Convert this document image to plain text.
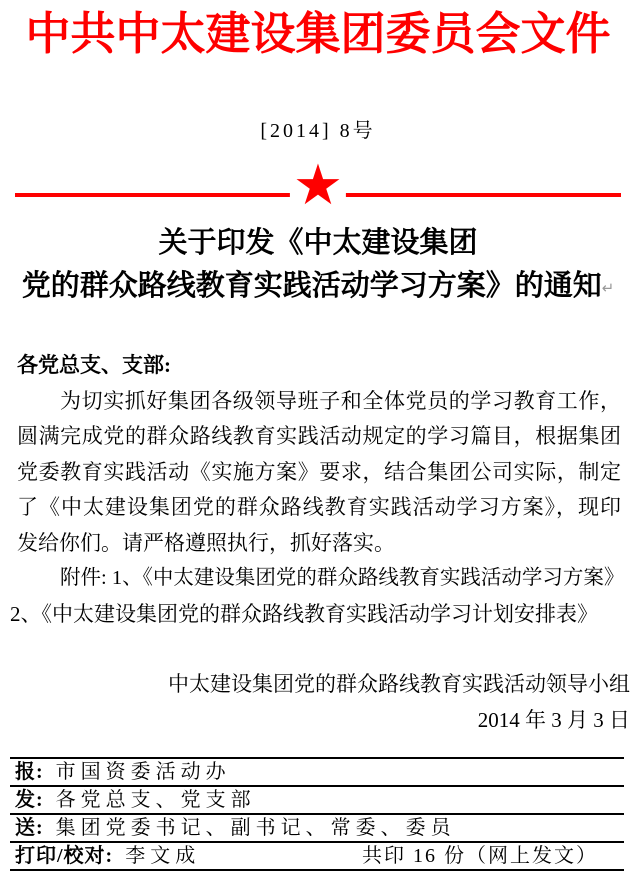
中共中太建设集团委员会文件
[2014] 8号
★
关于印发《中太建设集团
党的群众路线教育实践活动学习方案》的通知↵
各党总支、支部:
为切实抓好集团各级领导班子和全体党员的学习教育工作，
圆满完成党的群众路线教育实践活动规定的学习篇目，根据集团
党委教育实践活动《实施方案》要求，结合集团公司实际，制定
了《中太建设集团党的群众路线教育实践活动学习方案》，现印
发给你们。请严格遵照执行，抓好落实。
附件: 1、《中太建设集团党的群众路线教育实践活动学习方案》
2、《中太建设集团党的群众路线教育实践活动学习计划安排表》
中太建设集团党的群众路线教育实践活动领导小组
2014 年 3 月 3 日
报: 市国资委活动办
发: 各党总支、党支部
送: 集团党委书记、副书记、常委、委员
打印/校对: 李文成	共印 16 份（网上发文）
